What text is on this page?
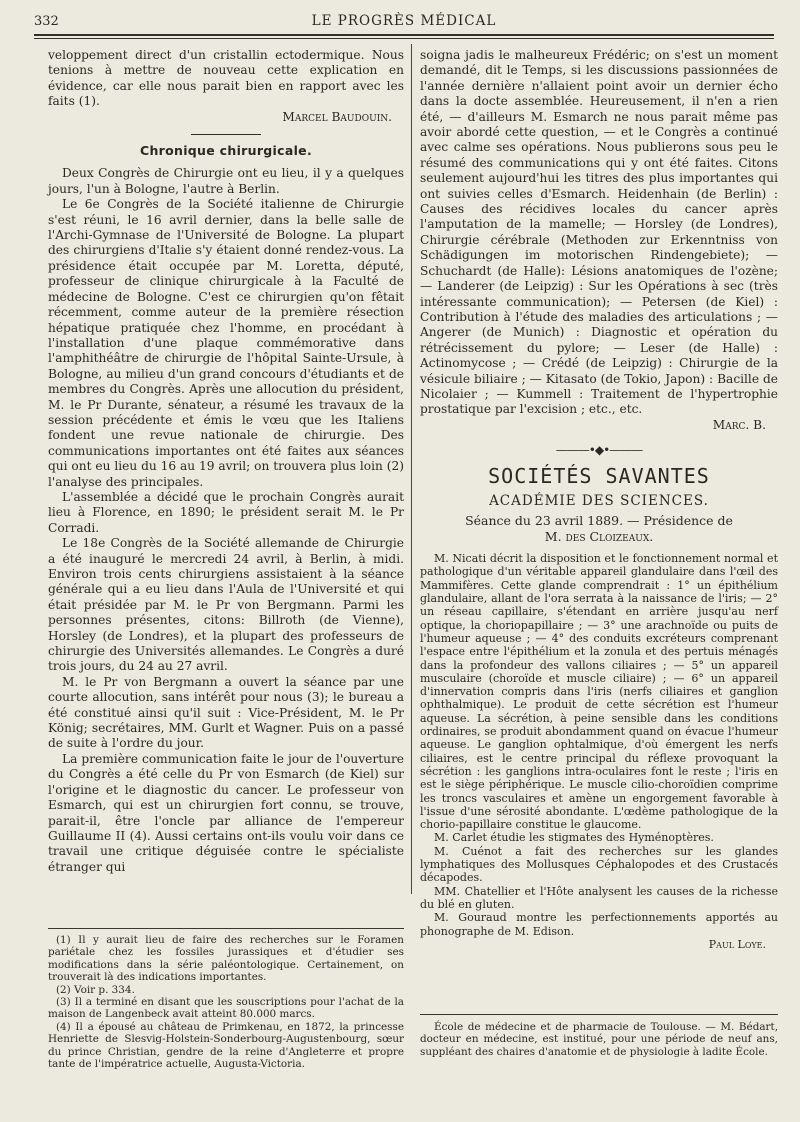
332	LE PROGRÈS MÉDICAL

veloppement direct d'un cristallin ectodermique. Nous tenions à mettre de nouveau cette explication en évidence, car elle nous parait bien en rapport avec les faits (1).

Marcel Baudouin.

Chronique chirurgicale.

Deux Congrès de Chirurgie ont eu lieu, il y a quelques jours, l'un à Bologne, l'autre à Berlin.

Le 6e Congrès de la Société italienne de Chirurgie s'est réuni, le 16 avril dernier, dans la belle salle de l'Archi-Gymnase de l'Université de Bologne. La plupart des chirurgiens d'Italie s'y étaient donné rendez-vous. La présidence était occupée par M. Loretta, député, professeur de clinique chirurgicale à la Faculté de médecine de Bologne. C'est ce chirurgien qu'on fêtait récemment, comme auteur de la première résection hépatique pratiquée chez l'homme, en procédant à l'installation d'une plaque commémorative dans l'amphithéâtre de chirurgie de l'hôpital Sainte-Ursule, à Bologne, au milieu d'un grand concours d'étudiants et de membres du Congrès. Après une allocution du président, M. le Pr Durante, sénateur, a résumé les travaux de la session précédente et émis le vœu que les Italiens fondent une revue nationale de chirurgie. Des communications importantes ont été faites aux séances qui ont eu lieu du 16 au 19 avril; on trouvera plus loin (2) l'analyse des principales.

L'assemblée a décidé que le prochain Congrès aurait lieu à Florence, en 1890; le président serait M. le Pr Corradi.

Le 18e Congrès de la Société allemande de Chirurgie a été inauguré le mercredi 24 avril, à Berlin, à midi. Environ trois cents chirurgiens assistaient à la séance générale qui a eu lieu dans l'Aula de l'Université et qui était présidée par M. le Pr von Bergmann. Parmi les personnes présentes, citons: Billroth (de Vienne), Horsley (de Londres), et la plupart des professeurs de chirurgie des Universités allemandes. Le Congrès a duré trois jours, du 24 au 27 avril.

M. le Pr von Bergmann a ouvert la séance par une courte allocution, sans intérêt pour nous (3); le bureau a été constitué ainsi qu'il suit : Vice-Président, M. le Pr König; secrétaires, MM. Gurlt et Wagner. Puis on a passé de suite à l'ordre du jour.

La première communication faite le jour de l'ouverture du Congrès a été celle du Pr von Esmarch (de Kiel) sur l'origine et le diagnostic du cancer. Le professeur von Esmarch, qui est un chirurgien fort connu, se trouve, parait-il, être l'oncle par alliance de l'empereur Guillaume II (4). Aussi certains ont-ils voulu voir dans ce travail une critique déguisée contre le spécialiste étranger qui

(1) Il y aurait lieu de faire des recherches sur le Foramen pariétale chez les fossiles jurassiques et d'étudier ses modifications dans la série paléontologique. Certainement, on trouverait là des indications importantes.

(2) Voir p. 334.

(3) Il a terminé en disant que les souscriptions pour l'achat de la maison de Langenbeck avait atteint 80.000 marcs.

(4) Il a épousé au château de Primkenau, en 1872, la princesse Henriette de Slesvig-Holstein-Sonderbourg-Augustenbourg, sœur du prince Christian, gendre de la reine d'Angleterre et propre tante de l'impératrice actuelle, Augusta-Victoria.

soigna jadis le malheureux Frédéric; on s'est un moment demandé, dit le Temps, si les discussions passionnées de l'année dernière n'allaient point avoir un dernier écho dans la docte assemblée. Heureusement, il n'en a rien été, — d'ailleurs M. Esmarch ne nous parait même pas avoir abordé cette question, — et le Congrès a continué avec calme ses opérations. Nous publierons sous peu le résumé des communications qui y ont été faites. Citons seulement aujourd'hui les titres des plus importantes qui ont suivies celles d'Esmarch. Heidenhain (de Berlin) : Causes des récidives locales du cancer après l'amputation de la mamelle; — Horsley (de Londres), Chirurgie cérébrale (Methoden zur Erkenntniss von Schädigungen im motorischen Rindengebiete); — Schuchardt (de Halle): Lésions anatomiques de l'ozène; — Landerer (de Leipzig) : Sur les Opérations à sec (très intéressante communication); — Petersen (de Kiel) : Contribution à l'étude des maladies des articulations ; — Angerer (de Munich) : Diagnostic et opération du rétrécissement du pylore; — Leser (de Halle) : Actinomycose ; — Crédé (de Leipzig) : Chirurgie de la vésicule biliaire ; — Kitasato (de Tokio, Japon) : Bacille de Nicolaier ; — Kummell : Traitement de l'hypertrophie prostatique par l'excision ; etc., etc.

Marc. B.

———•◆•———
SOCIÉTÉS SAVANTES
ACADÉMIE DES SCIENCES.
Séance du 23 avril 1889. — Présidence de
M. des Cloizeaux.

M. Nicati décrit la disposition et le fonctionnement normal et pathologique d'un véritable appareil glandulaire dans l'œil des Mammifères. Cette glande comprendrait : 1° un épithélium glandulaire, allant de l'ora serrata à la naissance de l'iris; — 2° un réseau capillaire, s'étendant en arrière jusqu'au nerf optique, la choriopapillaire ; — 3° une arachnoïde ou puits de l'humeur aqueuse ; — 4° des conduits excréteurs comprenant l'espace entre l'épithélium et la zonula et des pertuis ménagés dans la profondeur des vallons ciliaires ; — 5° un appareil musculaire (choroïde et muscle ciliaire) ; — 6° un appareil d'innervation compris dans l'iris (nerfs ciliaires et ganglion ophthalmique). Le produit de cette sécrétion est l'humeur aqueuse. La sécrétion, à peine sensible dans les conditions ordinaires, se produit abondamment quand on évacue l'humeur aqueuse. Le ganglion ophtalmique, d'où émergent les nerfs ciliaires, est le centre principal du réflexe provoquant la sécrétion : les ganglions intra-oculaires font le reste ; l'iris en est le siège périphérique. Le muscle cilio-choroïdien comprime les troncs vasculaires et amène un engorgement favorable à l'issue d'une sérosité abondante. L'œdème pathologique de la chorio-papillaire constitue le glaucome.

M. Carlet étudie les stigmates des Hyménoptères.

M. Cuénot a fait des recherches sur les glandes lymphatiques des Mollusques Céphalopodes et des Crustacés décapodes.

MM. Chatellier et l'Hôte analysent les causes de la richesse du blé en gluten.

M. Gouraud montre les perfectionnements apportés au phonographe de M. Edison.

Paul Loye.

École de médecine et de pharmacie de Toulouse. — M. Bédart, docteur en médecine, est institué, pour une période de neuf ans, suppléant des chaires d'anatomie et de physiologie à ladite École.
